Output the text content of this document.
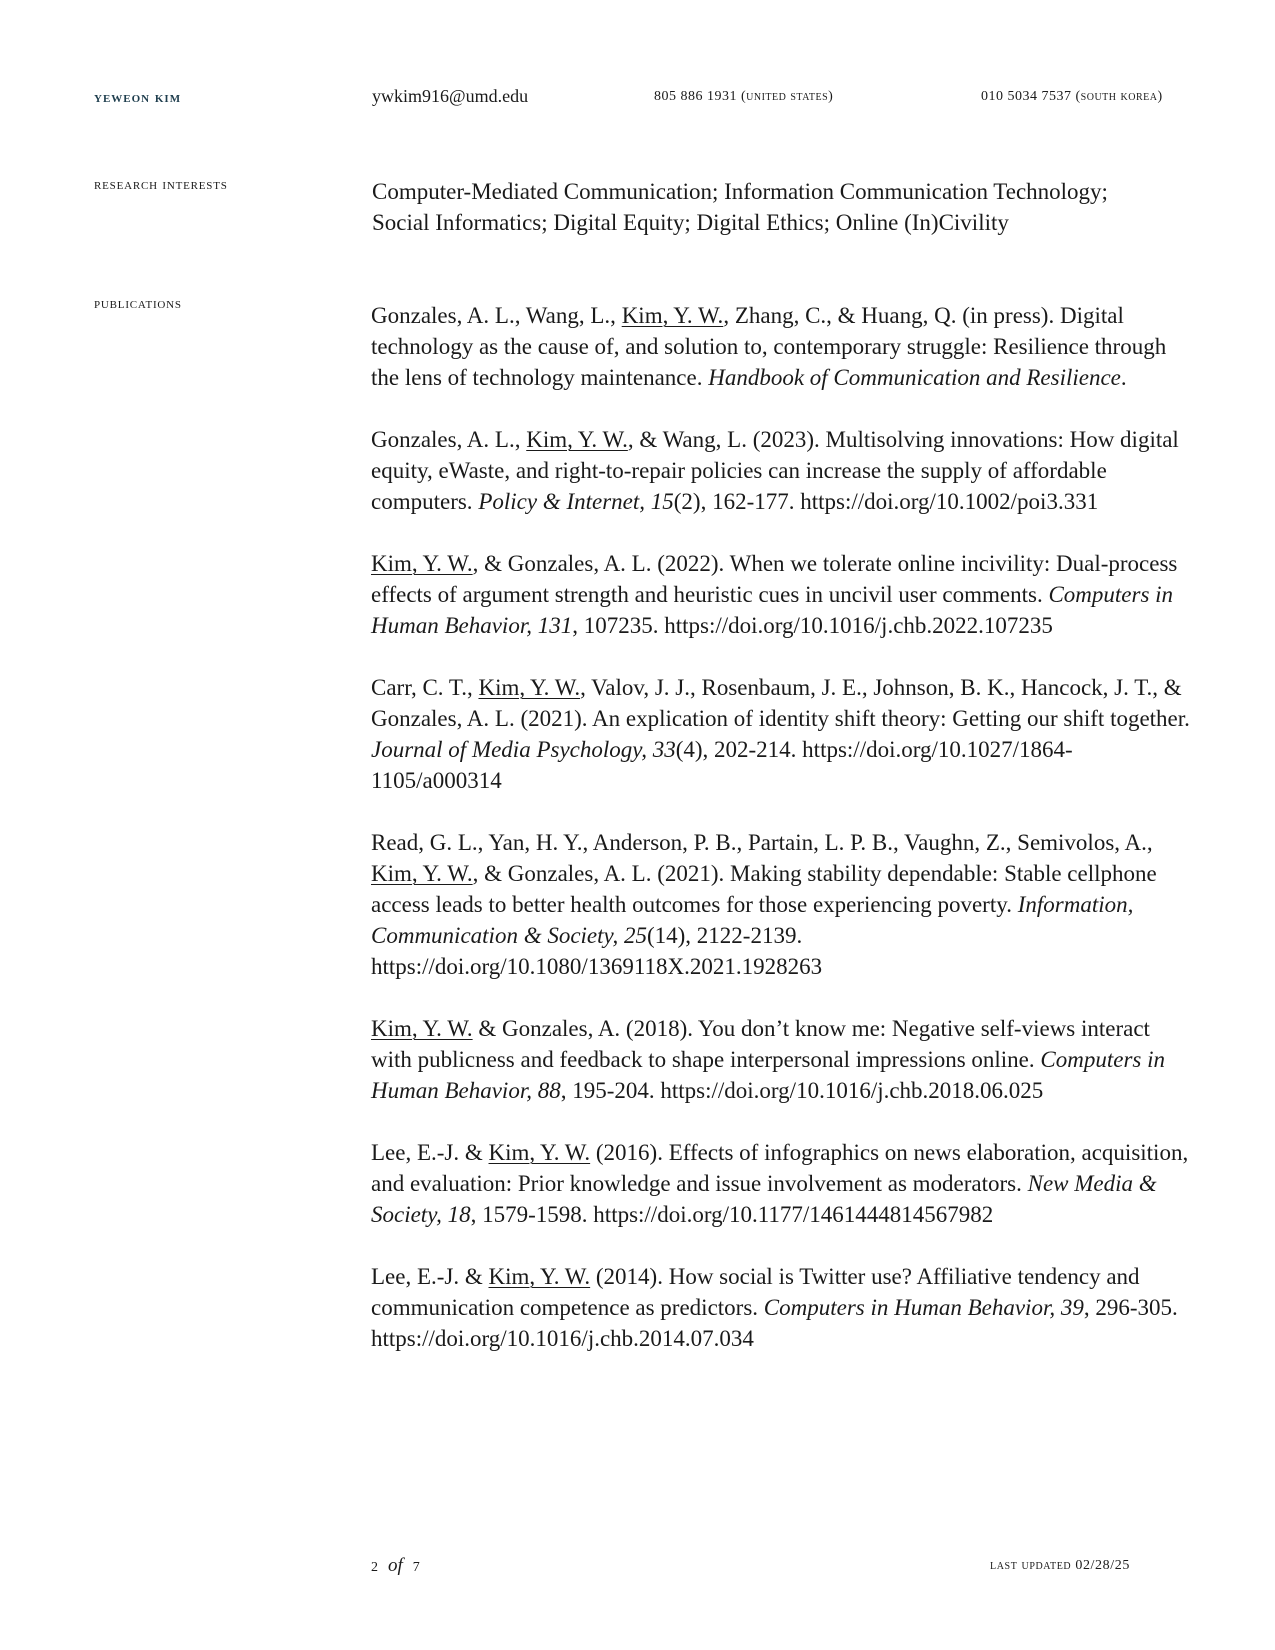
yeweon kim	ywkim916@umd.edu	805 886 1931 (united states)	010 5034 7537 (south korea)
research interests	Computer-Mediated Communication; Information Communication Technology;
Social Informatics; Digital Equity; Digital Ethics; Online (In)Civility
publications	Gonzales, A. L., Wang, L., Kim, Y. W., Zhang, C., & Huang, Q. (in press). Digital technology as the cause of, and solution to, contemporary struggle: Resilience through the lens of technology maintenance. Handbook of Communication and Resilience.

Gonzales, A. L., Kim, Y. W., & Wang, L. (2023). Multisolving innovations: How digital equity, eWaste, and right-to-repair policies can increase the supply of affordable computers. Policy & Internet, 15(2), 162-177. https://doi.org/10.1002/poi3.331

Kim, Y. W., & Gonzales, A. L. (2022). When we tolerate online incivility: Dual-process effects of argument strength and heuristic cues in uncivil user comments. Computers in Human Behavior, 131, 107235. https://doi.org/10.1016/j.chb.2022.107235

Carr, C. T., Kim, Y. W., Valov, J. J., Rosenbaum, J. E., Johnson, B. K., Hancock, J. T., & Gonzales, A. L. (2021). An explication of identity shift theory: Getting our shift together. Journal of Media Psychology, 33(4), 202-214. https://doi.org/10.1027/1864-1105/a000314

Read, G. L., Yan, H. Y., Anderson, P. B., Partain, L. P. B., Vaughn, Z., Semivolos, A., Kim, Y. W., & Gonzales, A. L. (2021). Making stability dependable: Stable cellphone access leads to better health outcomes for those experiencing poverty. Information, Communication & Society, 25(14), 2122-2139. https://doi.org/10.1080/1369118X.2021.1928263

Kim, Y. W. & Gonzales, A. (2018). You don’t know me: Negative self-views interact with publicness and feedback to shape interpersonal impressions online. Computers in Human Behavior, 88, 195-204. https://doi.org/10.1016/j.chb.2018.06.025

Lee, E.-J. & Kim, Y. W. (2016). Effects of infographics on news elaboration, acquisition, and evaluation: Prior knowledge and issue involvement as moderators. New Media & Society, 18, 1579-1598. https://doi.org/10.1177/1461444814567982

Lee, E.-J. & Kim, Y. W. (2014). How social is Twitter use? Affiliative tendency and communication competence as predictors. Computers in Human Behavior, 39, 296-305. https://doi.org/10.1016/j.chb.2014.07.034

2 of 7	last updated 02/28/25
